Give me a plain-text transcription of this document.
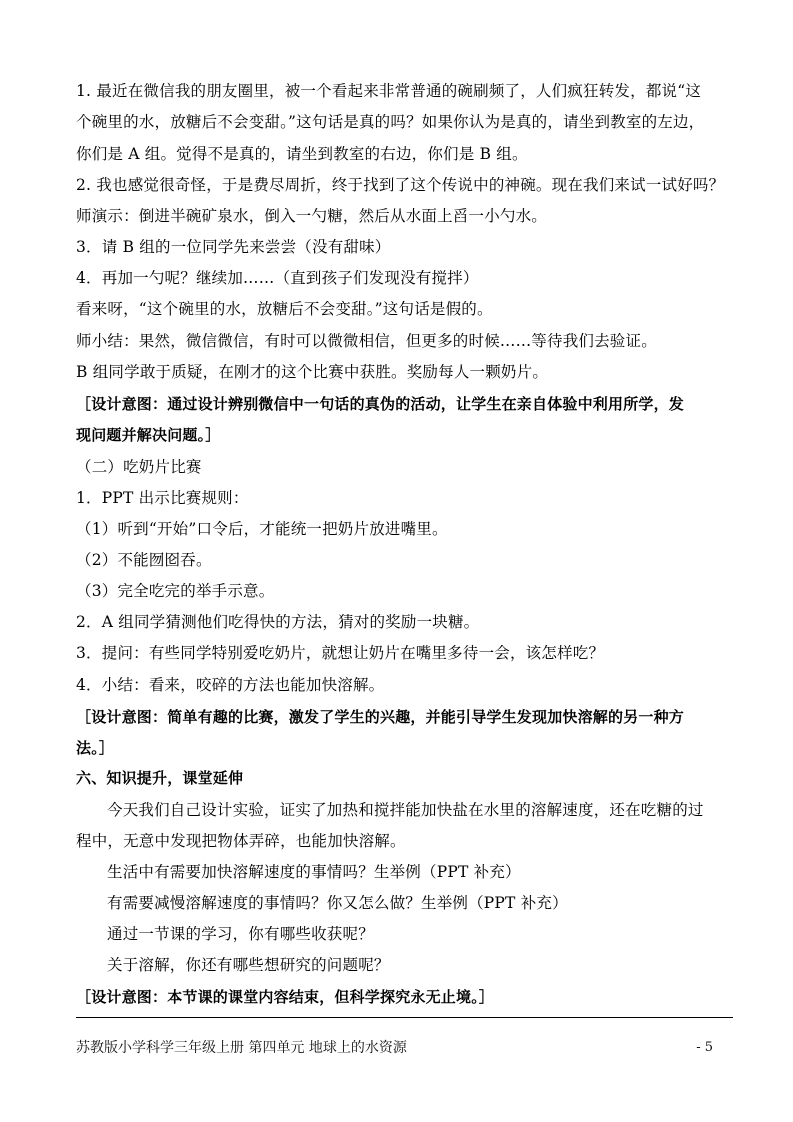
1. 最近在微信我的朋友圈里，被一个看起来非常普通的碗刷频了，人们疯狂转发，都说“这
个碗里的水，放糖后不会变甜。”这句话是真的吗？如果你认为是真的，请坐到教室的左边，
你们是 A 组。觉得不是真的，请坐到教室的右边，你们是 B 组。
2. 我也感觉很奇怪，于是费尽周折，终于找到了这个传说中的神碗。现在我们来试一试好吗？
师演示：倒进半碗矿泉水，倒入一勺糖，然后从水面上舀一小勺水。
3．请 B 组的一位同学先来尝尝（没有甜味）
4．再加一勺呢？继续加……（直到孩子们发现没有搅拌）
看来呀，“这个碗里的水，放糖后不会变甜。”这句话是假的。
师小结：果然，微信微信，有时可以微微相信，但更多的时候……等待我们去验证。
B 组同学敢于质疑，在刚才的这个比赛中获胜。奖励每人一颗奶片。
［设计意图：通过设计辨别微信中一句话的真伪的活动，让学生在亲自体验中利用所学，发
现问题并解决问题。］
（二）吃奶片比赛
1．PPT 出示比赛规则：
（1）听到“开始”口令后，才能统一把奶片放进嘴里。
（2）不能囫囵吞。
（3）完全吃完的举手示意。
2．A 组同学猜测他们吃得快的方法，猜对的奖励一块糖。
3．提问：有些同学特别爱吃奶片，就想让奶片在嘴里多待一会，该怎样吃？
4．小结：看来，咬碎的方法也能加快溶解。
［设计意图：简单有趣的比赛，激发了学生的兴趣，并能引导学生发现加快溶解的另一种方
法。］
六、知识提升，课堂延伸
今天我们自己设计实验，证实了加热和搅拌能加快盐在水里的溶解速度，还在吃糖的过
程中，无意中发现把物体弄碎，也能加快溶解。
生活中有需要加快溶解速度的事情吗？生举例（PPT 补充）
有需要减慢溶解速度的事情吗？你又怎么做？生举例（PPT 补充）
通过一节课的学习，你有哪些收获呢？
关于溶解，你还有哪些想研究的问题呢？
［设计意图：本节课的课堂内容结束，但科学探究永无止境。］
苏教版小学科学三年级上册 第四单元 地球上的水资源	- 5
